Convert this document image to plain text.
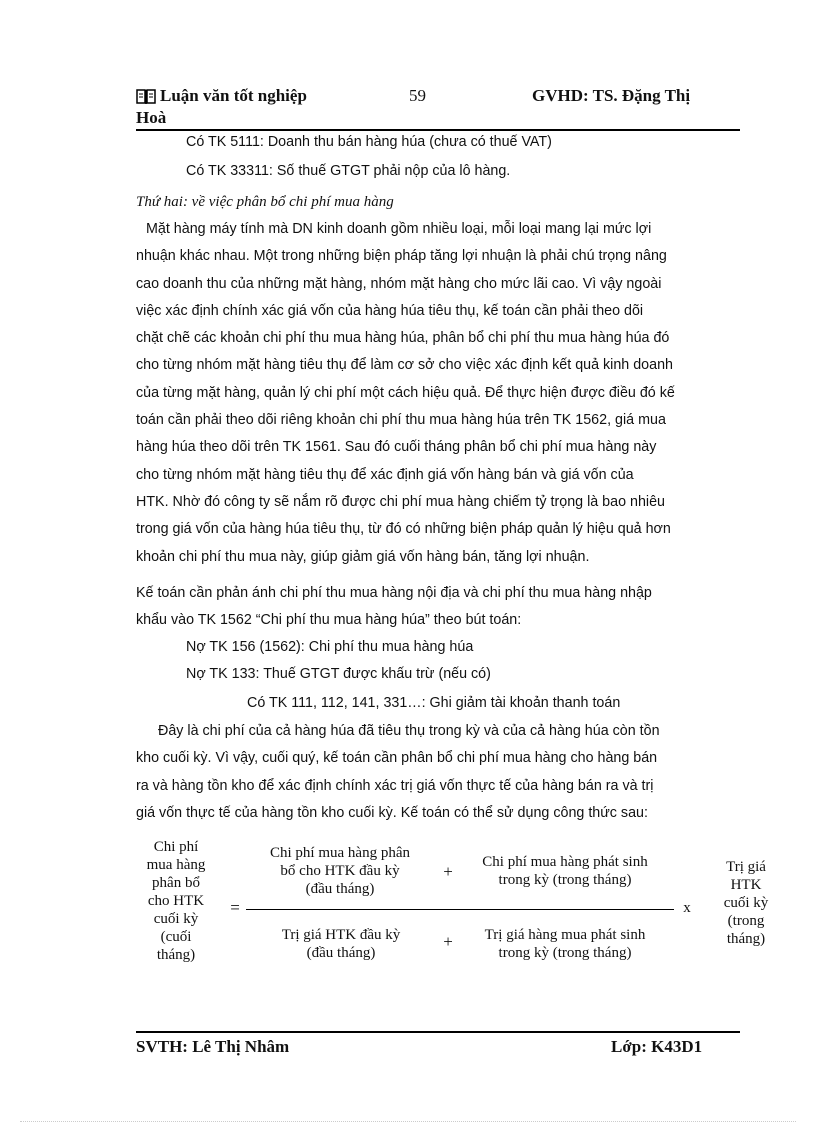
Luận văn tốt nghiệp	59	GVHD: TS. Đặng Thị
Hoà
Có TK 5111: Doanh thu bán hàng húa (chưa có thuế VAT)
Có TK 33311: Số thuế GTGT phải nộp của lô hàng.
Thứ hai: về việc phân bổ chi phí mua hàng
Mặt hàng máy tính mà DN kinh doanh gồm nhiều loại, mỗi loại mang lại mức lợi
nhuận khác nhau. Một trong những biện pháp tăng lợi nhuận là phải chú trọng nâng
cao doanh thu của những mặt hàng, nhóm mặt hàng cho mức lãi cao. Vì vậy ngoài
việc xác định chính xác giá vốn của hàng húa tiêu thụ, kế toán cần phải theo dõi
chặt chẽ các khoản chi phí thu mua hàng húa, phân bổ chi phí thu mua hàng húa đó
cho từng nhóm mặt hàng tiêu thụ để làm cơ sở cho việc xác định kết quả kinh doanh
của từng mặt hàng, quản lý chi phí một cách hiệu quả. Để thực hiện được điều đó kế
toán cần phải theo dõi riêng khoản chi phí thu mua hàng húa trên TK 1562, giá mua
hàng húa theo dõi trên TK 1561. Sau đó cuối tháng phân bổ chi phí mua hàng này
cho từng nhóm mặt hàng tiêu thụ để xác định giá vốn hàng bán và giá vốn của
HTK. Nhờ đó công ty sẽ nắm rõ được chi phí mua hàng chiếm tỷ trọng là bao nhiêu
trong giá vốn của hàng húa tiêu thụ, từ đó có những biện pháp quản lý hiệu quả hơn
khoản chi phí thu mua này, giúp giảm giá vốn hàng bán, tăng lợi nhuận.
Kế toán cần phản ánh chi phí thu mua hàng nội địa và chi phí thu mua hàng nhập
khẩu vào TK 1562 “Chi phí thu mua hàng húa” theo bút toán:
Nợ TK 156 (1562): Chi phí thu mua hàng húa
Nợ TK 133: Thuế GTGT được khấu trừ (nếu có)
Có TK 111, 112, 141, 331…: Ghi giảm tài khoản thanh toán
Đây là chi phí của cả hàng húa đã tiêu thụ trong kỳ và của cả hàng húa còn tồn
kho cuối kỳ. Vì vậy, cuối quý, kế toán cần phân bổ chi phí mua hàng cho hàng bán
ra và hàng tồn kho để xác định chính xác trị giá vốn thực tế của hàng bán ra và trị
giá vốn thực tế của hàng tồn kho cuối kỳ. Kế toán có thể sử dụng công thức sau:
Chi phí
mua hàng
phân bổ
cho HTK
cuối kỳ
(cuối
tháng)
=
Chi phí mua hàng phân
bổ cho HTK đầu kỳ
(đầu tháng)
+	Chi phí mua hàng phát sinh
trong kỳ (trong tháng)
x
Trị giá HTK đầu kỳ
(đầu tháng)
+	Trị giá hàng mua phát sinh
trong kỳ (trong tháng)
Trị giá
HTK
cuối kỳ
(trong
tháng)
SVTH: Lê Thị Nhâm	Lớp: K43D1
